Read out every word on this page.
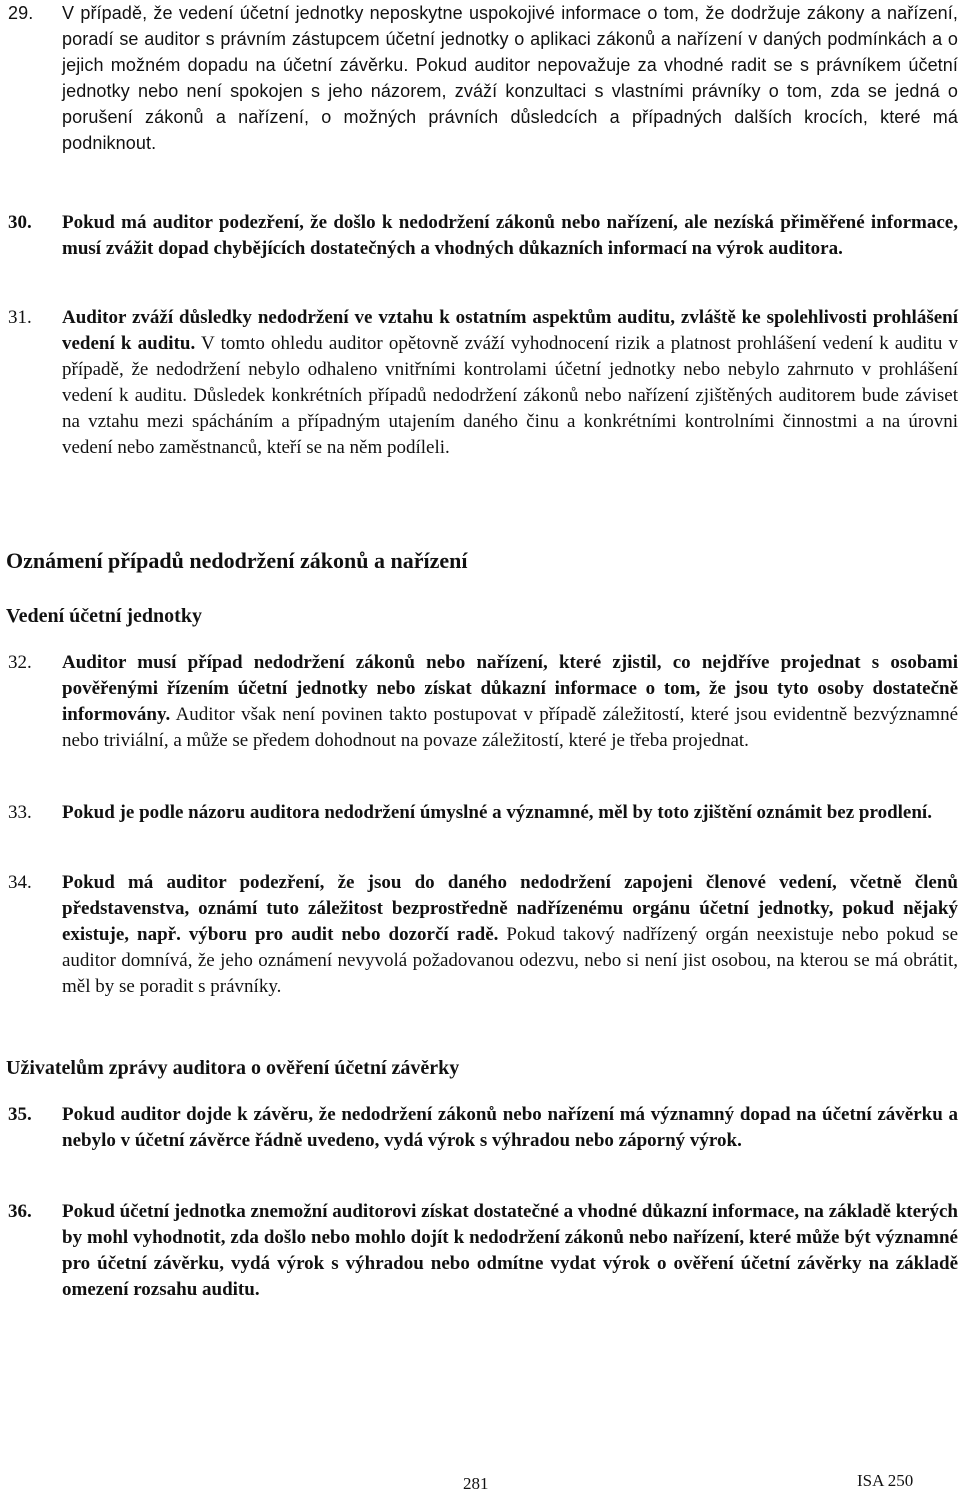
29. V případě, že vedení účetní jednotky neposkytne uspokojivé informace o tom, že dodržuje zákony a nařízení, poradí se auditor s právním zástupcem účetní jednotky o aplikaci zákonů a nařízení v daných podmínkách a o jejich možném dopadu na účetní závěrku. Pokud auditor nepovažuje za vhodné radit se s právníkem účetní jednotky nebo není spokojen s jeho názorem, zváží konzultaci s vlastními právníky o tom, zda se jedná o porušení zákonů a nařízení, o možných právních důsledcích a případných dalších krocích, které má podniknout.
30. Pokud má auditor podezření, že došlo k nedodržení zákonů nebo nařízení, ale nezíská přiměřené informace, musí zvážit dopad chybějících dostatečných a vhodných důkazních informací na výrok auditora.
31. Auditor zváží důsledky nedodržení ve vztahu k ostatním aspektům auditu, zvláště ke spolehlivosti prohlášení vedení k auditu. V tomto ohledu auditor opětovně zváží vyhodnocení rizik a platnost prohlášení vedení k auditu v případě, že nedodržení nebylo odhaleno vnitřními kontrolami účetní jednotky nebo nebylo zahrnuto v prohlášení vedení k auditu. Důsledek konkrétních případů nedodržení zákonů nebo nařízení zjištěných auditorem bude záviset na vztahu mezi spácháním a případným utajením daného činu a konkrétními kontrolními činnostmi a na úrovni vedení nebo zaměstnanců, kteří se na něm podíleli.
Oznámení případů nedodržení zákonů a nařízení
Vedení účetní jednotky
32. Auditor musí případ nedodržení zákonů nebo nařízení, které zjistil, co nejdříve projednat s osobami pověřenými řízením účetní jednotky nebo získat důkazní informace o tom, že jsou tyto osoby dostatečně informovány. Auditor však není povinen takto postupovat v případě záležitostí, které jsou evidentně bezvýznamné nebo triviální, a může se předem dohodnout na povaze záležitostí, které je třeba projednat.
33. Pokud je podle názoru auditora nedodržení úmyslné a významné, měl by toto zjištění oznámit bez prodlení.
34. Pokud má auditor podezření, že jsou do daného nedodržení zapojeni členové vedení, včetně členů představenstva, oznámí tuto záležitost bezprostředně nadřízenému orgánu účetní jednotky, pokud nějaký existuje, např. výboru pro audit nebo dozorčí radě. Pokud takový nadřízený orgán neexistuje nebo pokud se auditor domnívá, že jeho oznámení nevyvolá požadovanou odezvu, nebo si není jist osobou, na kterou se má obrátit, měl by se poradit s právníky.
Uživatelům zprávy auditora o ověření účetní závěrky
35. Pokud auditor dojde k závěru, že nedodržení zákonů nebo nařízení má významný dopad na účetní závěrku a nebylo v účetní závěrce řádně uvedeno, vydá výrok s výhradou nebo záporný výrok.
36. Pokud účetní jednotka znemožní auditorovi získat dostatečné a vhodné důkazní informace, na základě kterých by mohl vyhodnotit, zda došlo nebo mohlo dojít k nedodržení zákonů nebo nařízení, které může být významné pro účetní závěrku, vydá výrok s výhradou nebo odmítne vydat výrok o ověření účetní závěrky na základě omezení rozsahu auditu.
281	ISA 250
